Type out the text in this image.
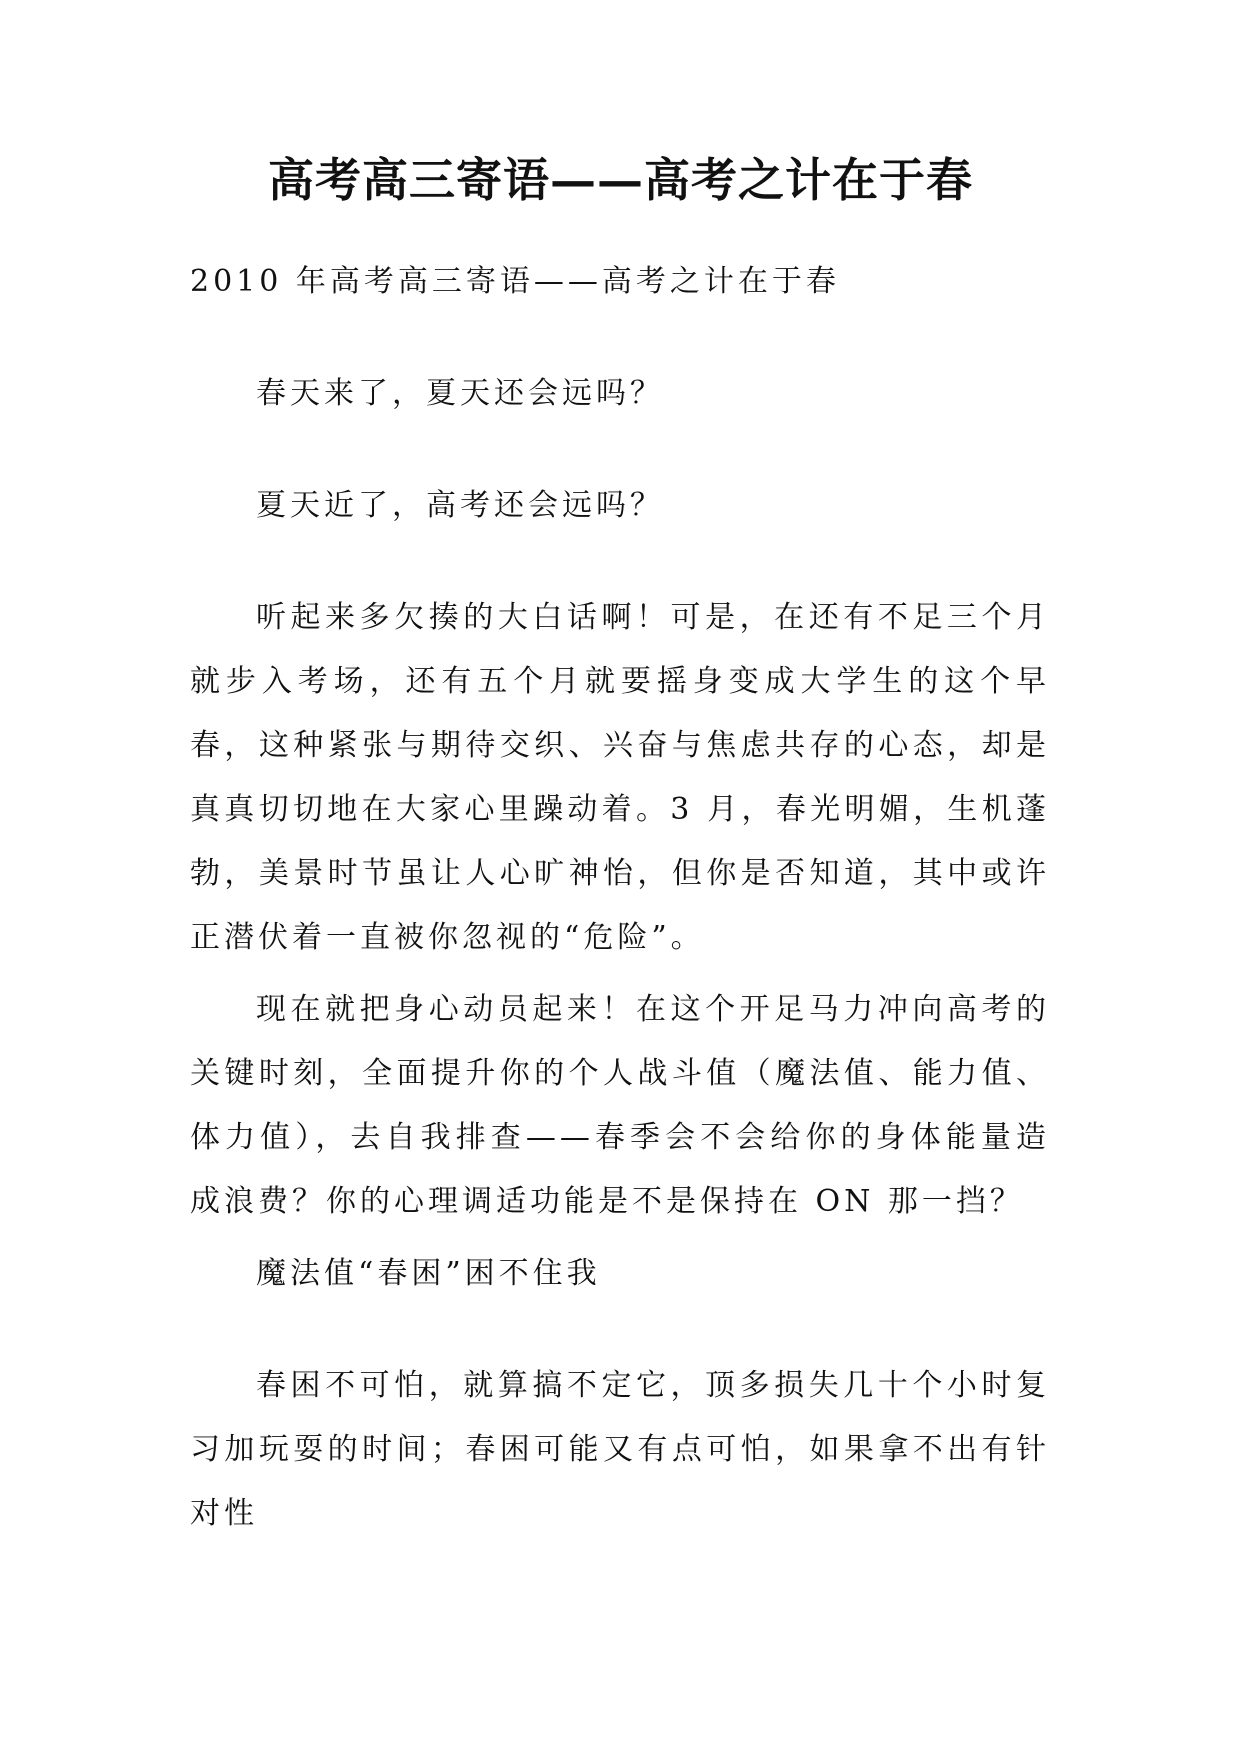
高考高三寄语——高考之计在于春
2010 年高考高三寄语——高考之计在于春
春天来了，夏天还会远吗？
夏天近了，高考还会远吗？
听起来多欠揍的大白话啊！可是，在还有不足三个月就步入考场，还有五个月就要摇身变成大学生的这个早春，这种紧张与期待交织、兴奋与焦虑共存的心态，却是真真切切地在大家心里躁动着。3 月，春光明媚，生机蓬勃，美景时节虽让人心旷神怡，但你是否知道，其中或许正潜伏着一直被你忽视的“危险”。
现在就把身心动员起来！在这个开足马力冲向高考的关键时刻，全面提升你的个人战斗值（魔法值、能力值、体力值），去自我排查——春季会不会给你的身体能量造成浪费？你的心理调适功能是不是保持在 ON 那一挡？
魔法值“春困”困不住我
春困不可怕，就算搞不定它，顶多损失几十个小时复习加玩耍的时间；春困可能又有点可怕，如果拿不出有针对性
